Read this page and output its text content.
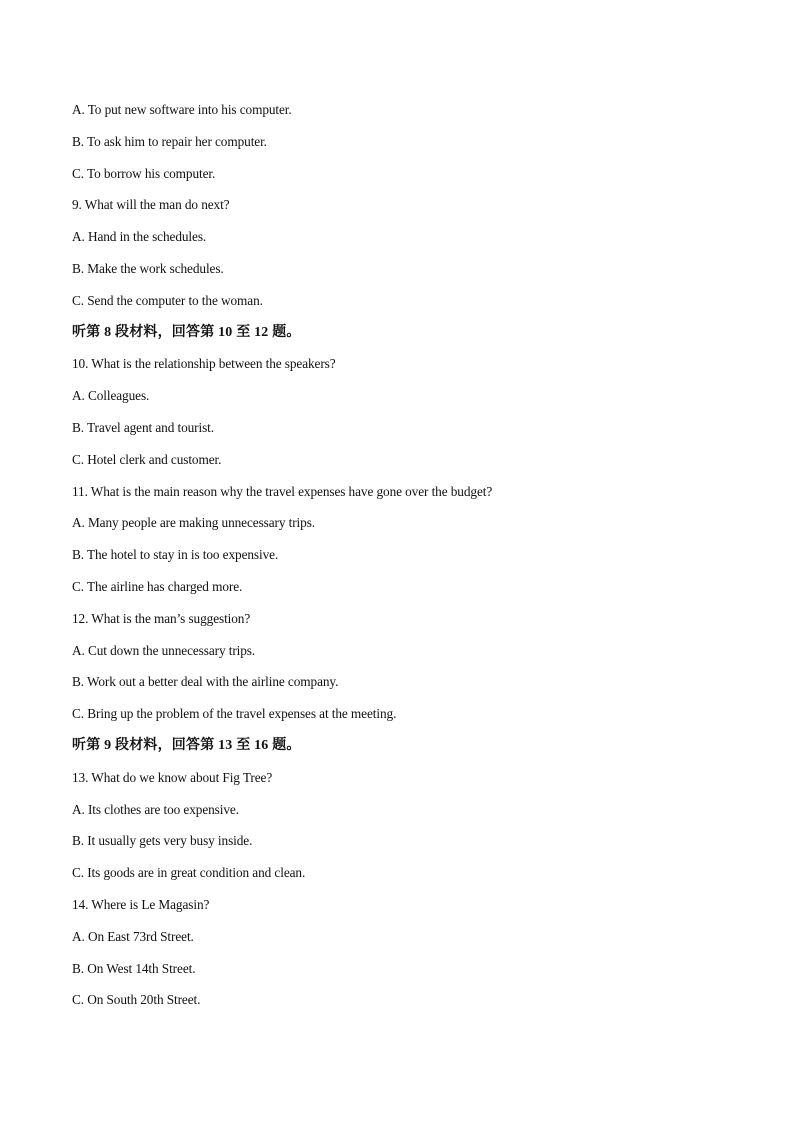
A. To put new software into his computer.
B. To ask him to repair her computer.
C. To borrow his computer.
9. What will the man do next?
A. Hand in the schedules.
B. Make the work schedules.
C. Send the computer to the woman.
听第 8 段材料，回答第 10 至 12 题。
10. What is the relationship between the speakers?
A. Colleagues.
B. Travel agent and tourist.
C. Hotel clerk and customer.
11. What is the main reason why the travel expenses have gone over the budget?
A. Many people are making unnecessary trips.
B. The hotel to stay in is too expensive.
C. The airline has charged more.
12. What is the man’s suggestion?
A. Cut down the unnecessary trips.
B. Work out a better deal with the airline company.
C. Bring up the problem of the travel expenses at the meeting.
听第 9 段材料，回答第 13 至 16 题。
13. What do we know about Fig Tree?
A. Its clothes are too expensive.
B. It usually gets very busy inside.
C. Its goods are in great condition and clean.
14. Where is Le Magasin?
A. On East 73rd Street.
B. On West 14th Street.
C. On South 20th Street.
